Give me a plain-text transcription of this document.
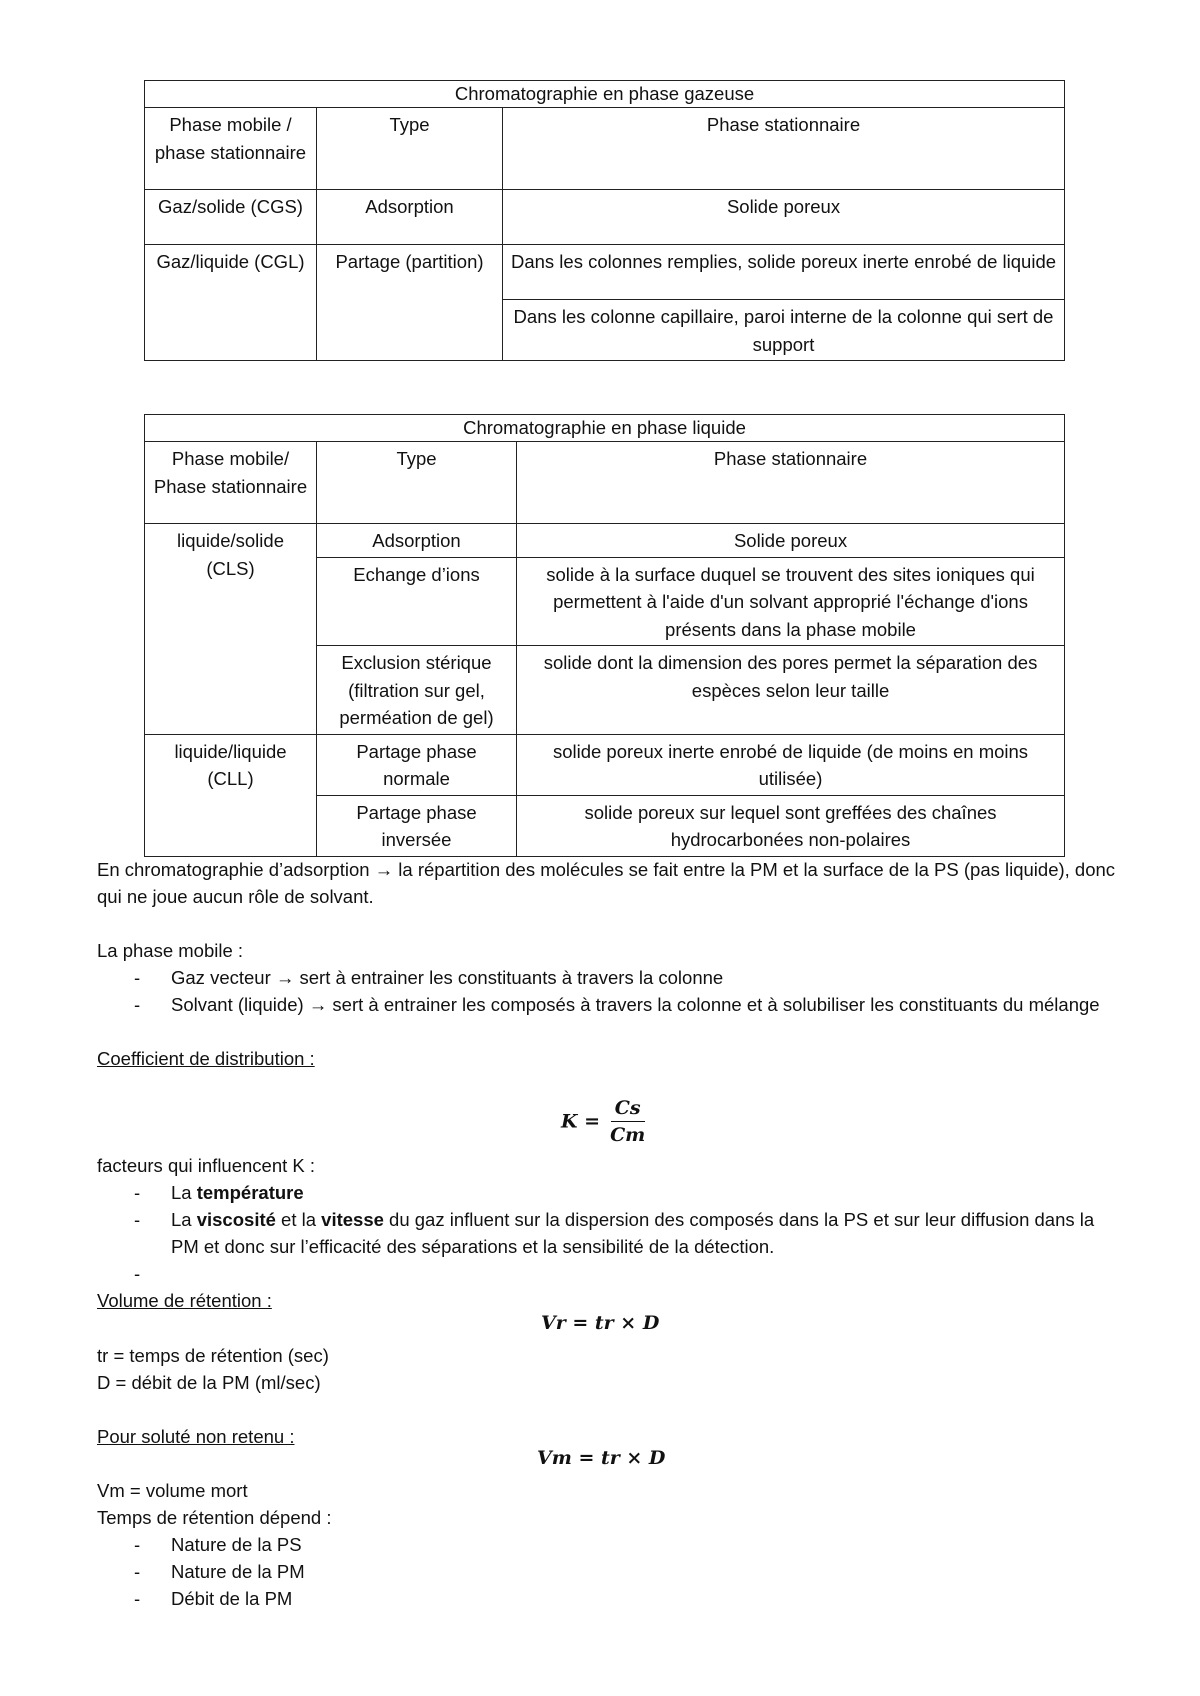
Chromatographie en phase gazeuse		
Phase mobile / phase stationnaire	Type	Phase stationnaire
Gaz/solide (CGS)	Adsorption	Solide poreux
Gaz/liquide (CGL)	Partage (partition)	Dans les colonnes remplies, solide poreux inerte enrobé de liquide
		Dans les colonne capillaire, paroi interne de la colonne qui sert de support
Chromatographie en phase liquide		
Phase mobile/ Phase stationnaire	Type	Phase stationnaire
liquide/solide (CLS)	Adsorption	Solide poreux
	Echange d’ions	solide à la surface duquel se trouvent des sites ioniques qui permettent à l'aide d'un solvant approprié l'échange d'ions présents dans la phase mobile
	Exclusion stérique (filtration sur gel, perméation de gel)	solide dont la dimension des pores permet la séparation des espèces selon leur taille
liquide/liquide (CLL)	Partage phase normale	solide poreux inerte enrobé de liquide (de moins en moins utilisée)
	Partage phase inversée	solide poreux sur lequel sont greffées des chaînes hydrocarbonées non-polaires

En chromatographie d’adsorption → la répartition des molécules se fait entre la PM et la surface de la PS (pas liquide), donc qui ne joue aucun rôle de solvant.

La phase mobile :

- Gaz vecteur → sert à entrainer les constituants à travers la colonne
- Solvant (liquide) → sert à entrainer les composés à travers la colonne et à solubiliser les constituants du mélange

Coefficient de distribution :

$K = \frac{Cs}{Cm}$

facteurs qui influencent K :

- La température
- La viscosité et la vitesse du gaz influent sur la dispersion des composés dans la PS et sur leur diffusion dans la PM et donc sur l’efficacité des séparations et la sensibilité de la détection.
-

Volume de rétention :

Vr = tr × D

tr = temps de rétention (sec)

D = débit de la PM (ml/sec)

Pour soluté non retenu :

Vm = tr × D

Vm = volume mort

Temps de rétention dépend :

- Nature de la PS
- Nature de la PM
- Débit de la PM
